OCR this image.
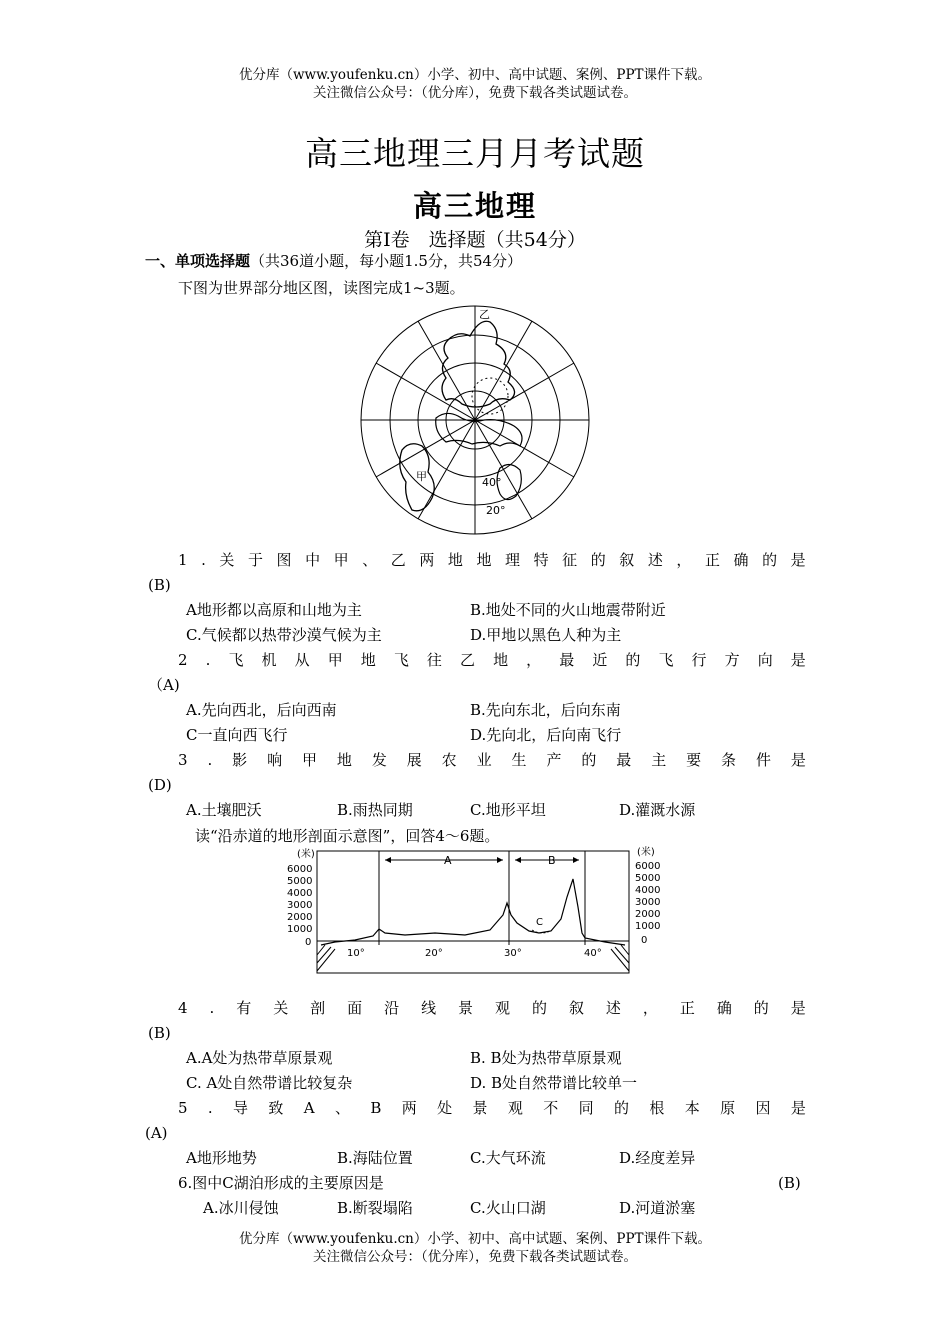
优分库（www.youfenku.cn）小学、初中、高中试题、案例、PPT课件下载。
关注微信公众号：（优分库），免费下载各类试题试卷。
高三地理三月月考试题
高三地理
第Ⅰ卷　选择题（共54分）
一、单项选择题（共36道小题，每小题1.5分，共54分）
下图为世界部分地区图，读图完成1~3题。
乙
甲	40°
20°
1 . 关 于 图 中 甲 、 乙 两 地 地 理 特 征 的 叙 述 ， 正 确 的 是
(B)
A地形都以高原和山地为主	B.地处不同的火山地震带附近
C.气候都以热带沙漠气候为主	D.甲地以黑色人种为主
2 . 飞 机 从 甲 地 飞 往 乙 地 ， 最 近 的 飞 行 方 向 是
（A)
A.先向西北，后向西南	B.先向东北，后向东南
C一直向西飞行	D.先向北，后向南飞行
3 . 影 响 甲 地 发 展 农 业 生 产 的 最 主 要 条 件 是
(D)
A.土壤肥沃	B.雨热同期	C.地形平坦	D.灌溉水源
读“沿赤道的地形剖面示意图”，回答4～6题。
(米)	(米)
6000
5000
4000
3000
2000
1000
0
6000
5000
4000
3000
2000
1000
0
10°	20°	30°	40°
A	B
C
4 . 有 关 剖 面 沿 线 景 观 的 叙 述 ， 正 确 的 是
(B)
A.A处为热带草原景观	B. B处为热带草原景观
C. A处自然带谱比较复杂	D. B处自然带谱比较单一
5 . 导 致 A 、 B 两 处 景 观 不 同 的 根 本 原 因 是
(A)
A地形地势	B.海陆位置	C.大气环流	D.经度差异
6.图中C湖泊形成的主要原因是	(B)
A.冰川侵蚀	B.断裂塌陷	C.火山口湖	D.河道淤塞
优分库（www.youfenku.cn）小学、初中、高中试题、案例、PPT课件下载。
关注微信公众号：（优分库），免费下载各类试题试卷。
